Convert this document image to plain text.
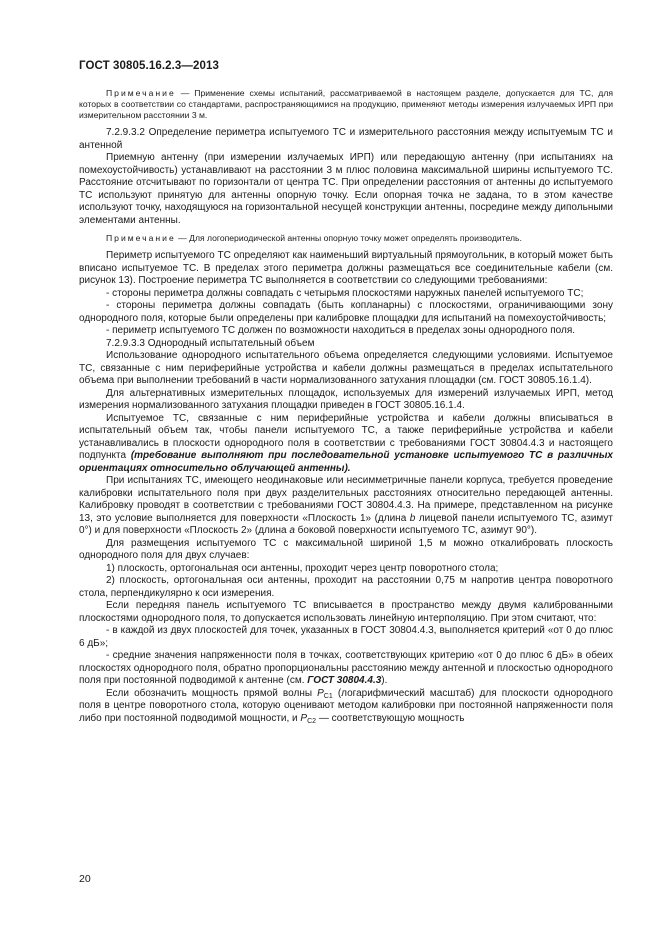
ГОСТ 30805.16.2.3—2013

Примечание — Применение схемы испытаний, рассматриваемой в настоящем разделе, допускается для ТС, для которых в соответствии со стандартами, распространяющимися на продукцию, применяют методы измерения излучаемых ИРП при измерительном расстоянии 3 м.

7.2.9.3.2 Определение периметра испытуемого ТС и измерительного расстояния между испытуемым ТС и антенной

Приемную антенну (при измерении излучаемых ИРП) или передающую антенну (при испытаниях на помехоустойчивость) устанавливают на расстоянии 3 м плюс половина максимальной ширины испытуемого ТС. Расстояние отсчитывают по горизонтали от центра ТС. При определении расстояния от антенны до испытуемого ТС используют принятую для антенны опорную точку. Если опорная точка не задана, то в этом качестве используют точку, находящуюся на горизонтальной несущей конструкции антенны, посредине между дипольными элементами антенны.

Примечание — Для логопериодической антенны опорную точку может определять производитель.

Периметр испытуемого ТС определяют как наименьший виртуальный прямоугольник, в который может быть вписано испытуемое ТС. В пределах этого периметра должны размещаться все соединительные кабели (см. рисунок 13). Построение периметра ТС выполняется в соответствии со следующими требованиями:

- стороны периметра должны совпадать с четырьмя плоскостями наружных панелей испытуемого ТС;

- стороны периметра должны совпадать (быть копланарны) с плоскостями, ограничивающими зону однородного поля, которые были определены при калибровке площадки для испытаний на помехоустойчивость;

- периметр испытуемого ТС должен по возможности находиться в пределах зоны однородного поля.

7.2.9.3.3 Однородный испытательный объем

Использование однородного испытательного объема определяется следующими условиями. Испытуемое ТС, связанные с ним периферийные устройства и кабели должны размещаться в пределах испытательного объема при выполнении требований в части нормализованного затухания площадки (см. ГОСТ 30805.16.1.4).

Для альтернативных измерительных площадок, используемых для измерений излучаемых ИРП, метод измерения нормализованного затухания площадки приведен в ГОСТ 30805.16.1.4.

Испытуемое ТС, связанные с ним периферийные устройства и кабели должны вписываться в испытательный объем так, чтобы панели испытуемого ТС, а также периферийные устройства и кабели устанавливались в плоскости однородного поля в соответствии с требованиями ГОСТ 30804.4.3 и настоящего подпункта (требование выполняют при последовательной установке испытуемого ТС в различных ориентациях относительно облучающей антенны).

При испытаниях ТС, имеющего неодинаковые или несимметричные панели корпуса, требуется проведение калибровки испытательного поля при двух разделительных расстояниях относительно передающей антенны. Калибровку проводят в соответствии с требованиями ГОСТ 30804.4.3. На примере, представленном на рисунке 13, это условие выполняется для поверхности «Плоскость 1» (длина b лицевой панели испытуемого ТС, азимут 0°) и для поверхности «Плоскость 2» (длина а боковой поверхности испытуемого ТС, азимут 90°).

Для размещения испытуемого ТС с максимальной шириной 1,5 м можно откалибровать плоскость однородного поля для двух случаев:

1) плоскость, ортогональная оси антенны, проходит через центр поворотного стола;

2) плоскость, ортогональная оси антенны, проходит на расстоянии 0,75 м напротив центра поворотного стола, перпендикулярно к оси измерения.

Если передняя панель испытуемого ТС вписывается в пространство между двумя калиброванными плоскостями однородного поля, то допускается использовать линейную интерполяцию. При этом считают, что:

- в каждой из двух плоскостей для точек, указанных в ГОСТ 30804.4.3, выполняется критерий «от 0 до плюс 6 дБ»;

- средние значения напряженности поля в точках, соответствующих критерию «от 0 до плюс 6 дБ» в обеих плоскостях однородного поля, обратно пропорциональны расстоянию между антенной и плоскостью однородного поля при постоянной подводимой к антенне (см. ГОСТ 30804.4.3).

Если обозначить мощность прямой волны $P_{C1}$ (логарифмический масштаб) для плоскости однородного поля в центре поворотного стола, которую оценивают методом калибровки при постоянной напряженности поля либо при постоянной подводимой мощности, и $P_{C2}$ — соответствующую мощность

20
